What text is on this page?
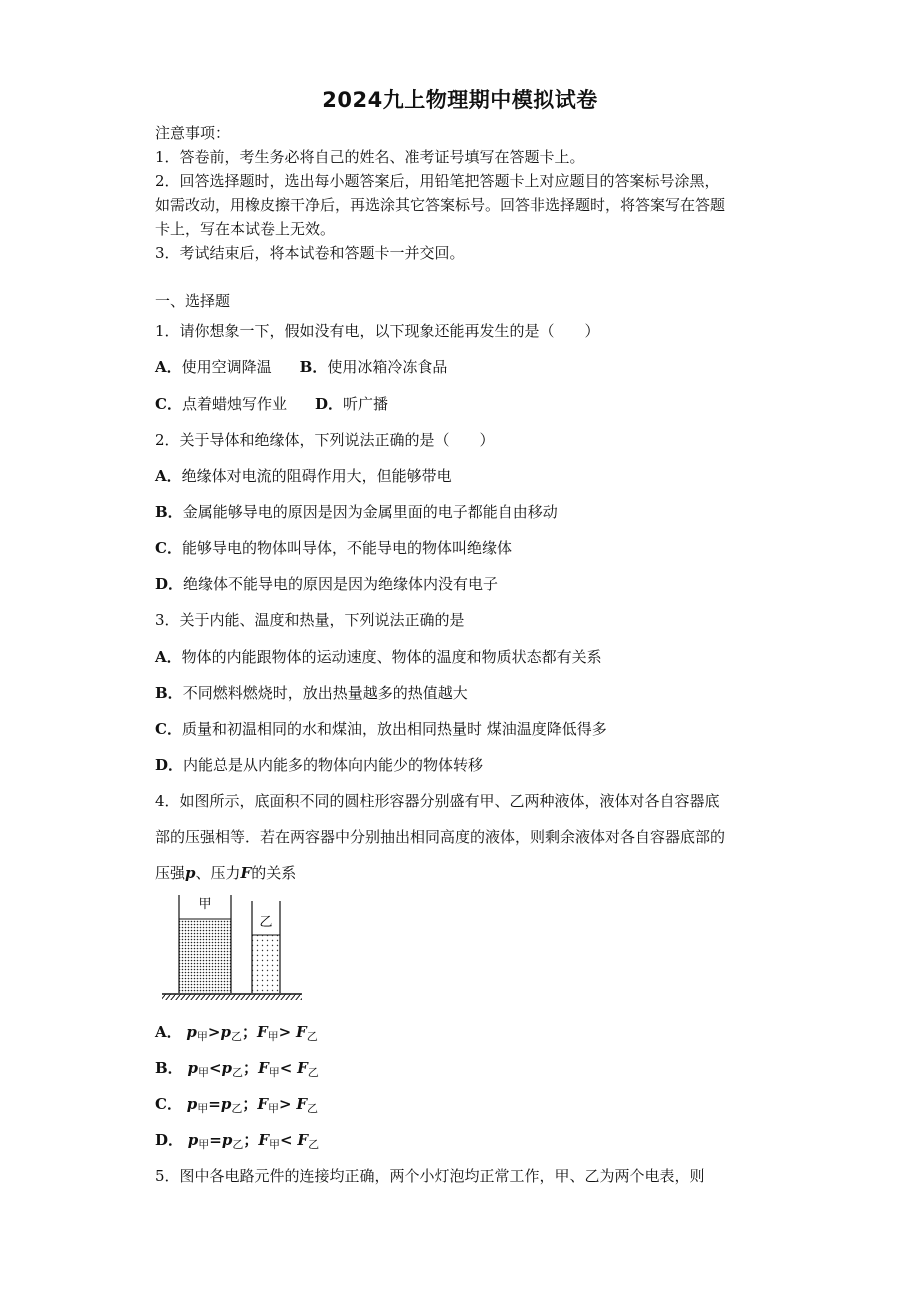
2024九上物理期中模拟试卷
注意事项：
1．答卷前，考生务必将自己的姓名、准考证号填写在答题卡上。
2．回答选择题时，选出每小题答案后，用铅笔把答题卡上对应题目的答案标号涂黑，
如需改动，用橡皮擦干净后，再选涂其它答案标号。回答非选择题时，将答案写在答题
卡上，写在本试卷上无效。
3．考试结束后，将本试卷和答题卡一并交回。
一、选择题
1．请你想象一下，假如没有电，以下现象还能再发生的是（　　）
A．使用空调降温 B．使用冰箱冷冻食品
C．点着蜡烛写作业 D．听广播
2．关于导体和绝缘体，下列说法正确的是（　　）
A．绝缘体对电流的阻碍作用大，但能够带电
B．金属能够导电的原因是因为金属里面的电子都能自由移动
C．能够导电的物体叫导体，不能导电的物体叫绝缘体
D．绝缘体不能导电的原因是因为绝缘体内没有电子
3．关于内能、温度和热量，下列说法正确的是
A．物体的内能跟物体的运动速度、物体的温度和物质状态都有关系
B．不同燃料燃烧时，放出热量越多的热值越大
C．质量和初温相同的水和煤油，放出相同热量时 煤油温度降低得多
D．内能总是从内能多的物体向内能少的物体转移
4．如图所示，底面积不同的圆柱形容器分别盛有甲、乙两种液体，液体对各自容器底
部的压强相等．若在两容器中分别抽出相同高度的液体，则剩余液体对各自容器底部的
压强p、压力F的关系
甲
乙
A． $p_甲>p_乙$；$F_甲> F_乙$
B． $p_甲<p_乙$；$F_甲< F_乙$
C． $p_甲=p_乙$；$F_甲> F_乙$
D． $p_甲=p_乙$；$F_甲< F_乙$
5．图中各电路元件的连接均正确，两个小灯泡均正常工作，甲、乙为两个电表，则
